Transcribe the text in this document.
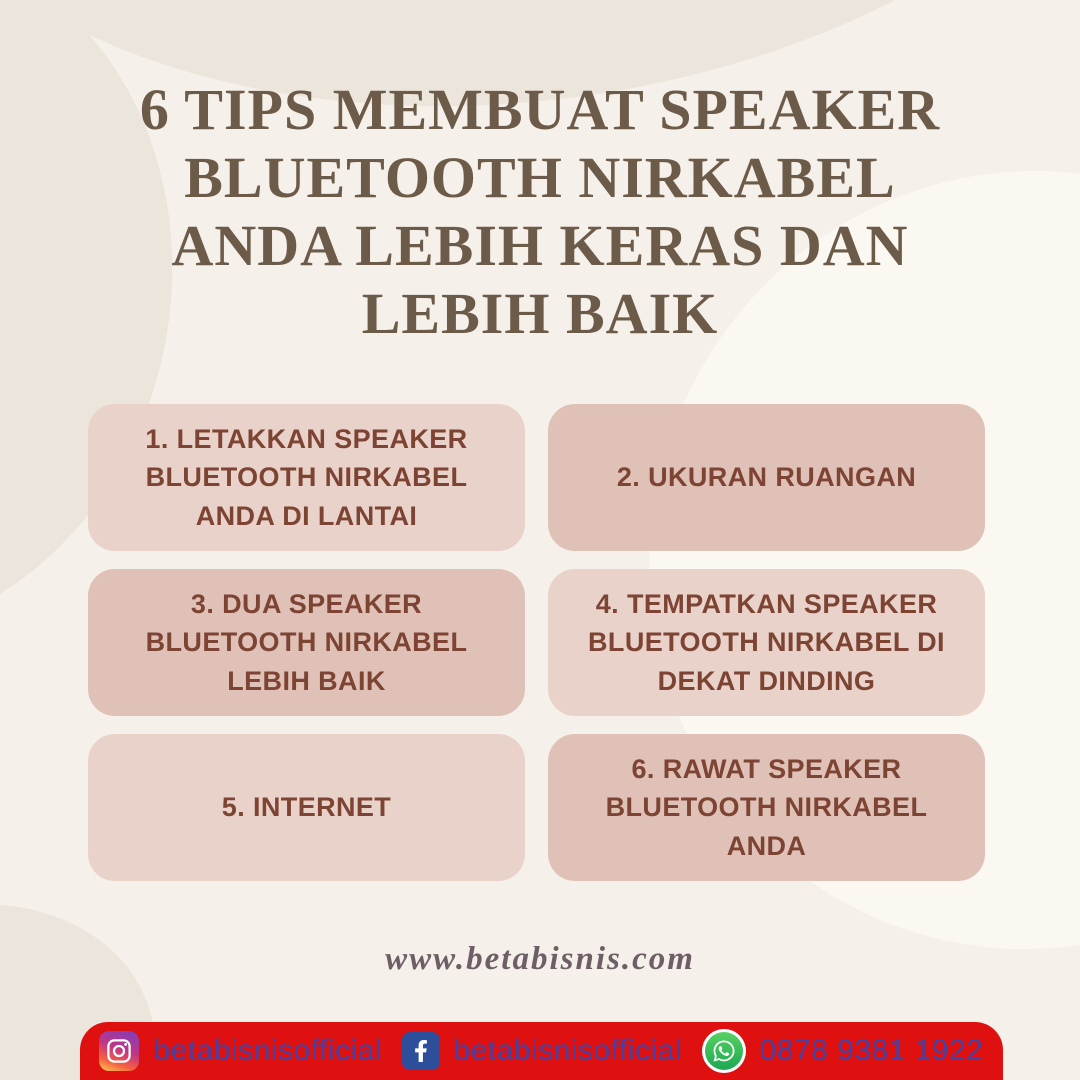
6 TIPS MEMBUAT SPEAKER
BLUETOOTH NIRKABEL
ANDA LEBIH KERAS DAN
LEBIH BAIK
1. LETAKKAN SPEAKER BLUETOOTH NIRKABEL ANDA DI LANTAI
2. UKURAN RUANGAN
3. DUA SPEAKER BLUETOOTH NIRKABEL LEBIH BAIK
4. TEMPATKAN SPEAKER BLUETOOTH NIRKABEL DI DEKAT DINDING
5. INTERNET
6. RAWAT SPEAKER BLUETOOTH NIRKABEL ANDA
www.betabisnis.com
betabisnisofficial betabisnisofficial	0878 9381 1922
